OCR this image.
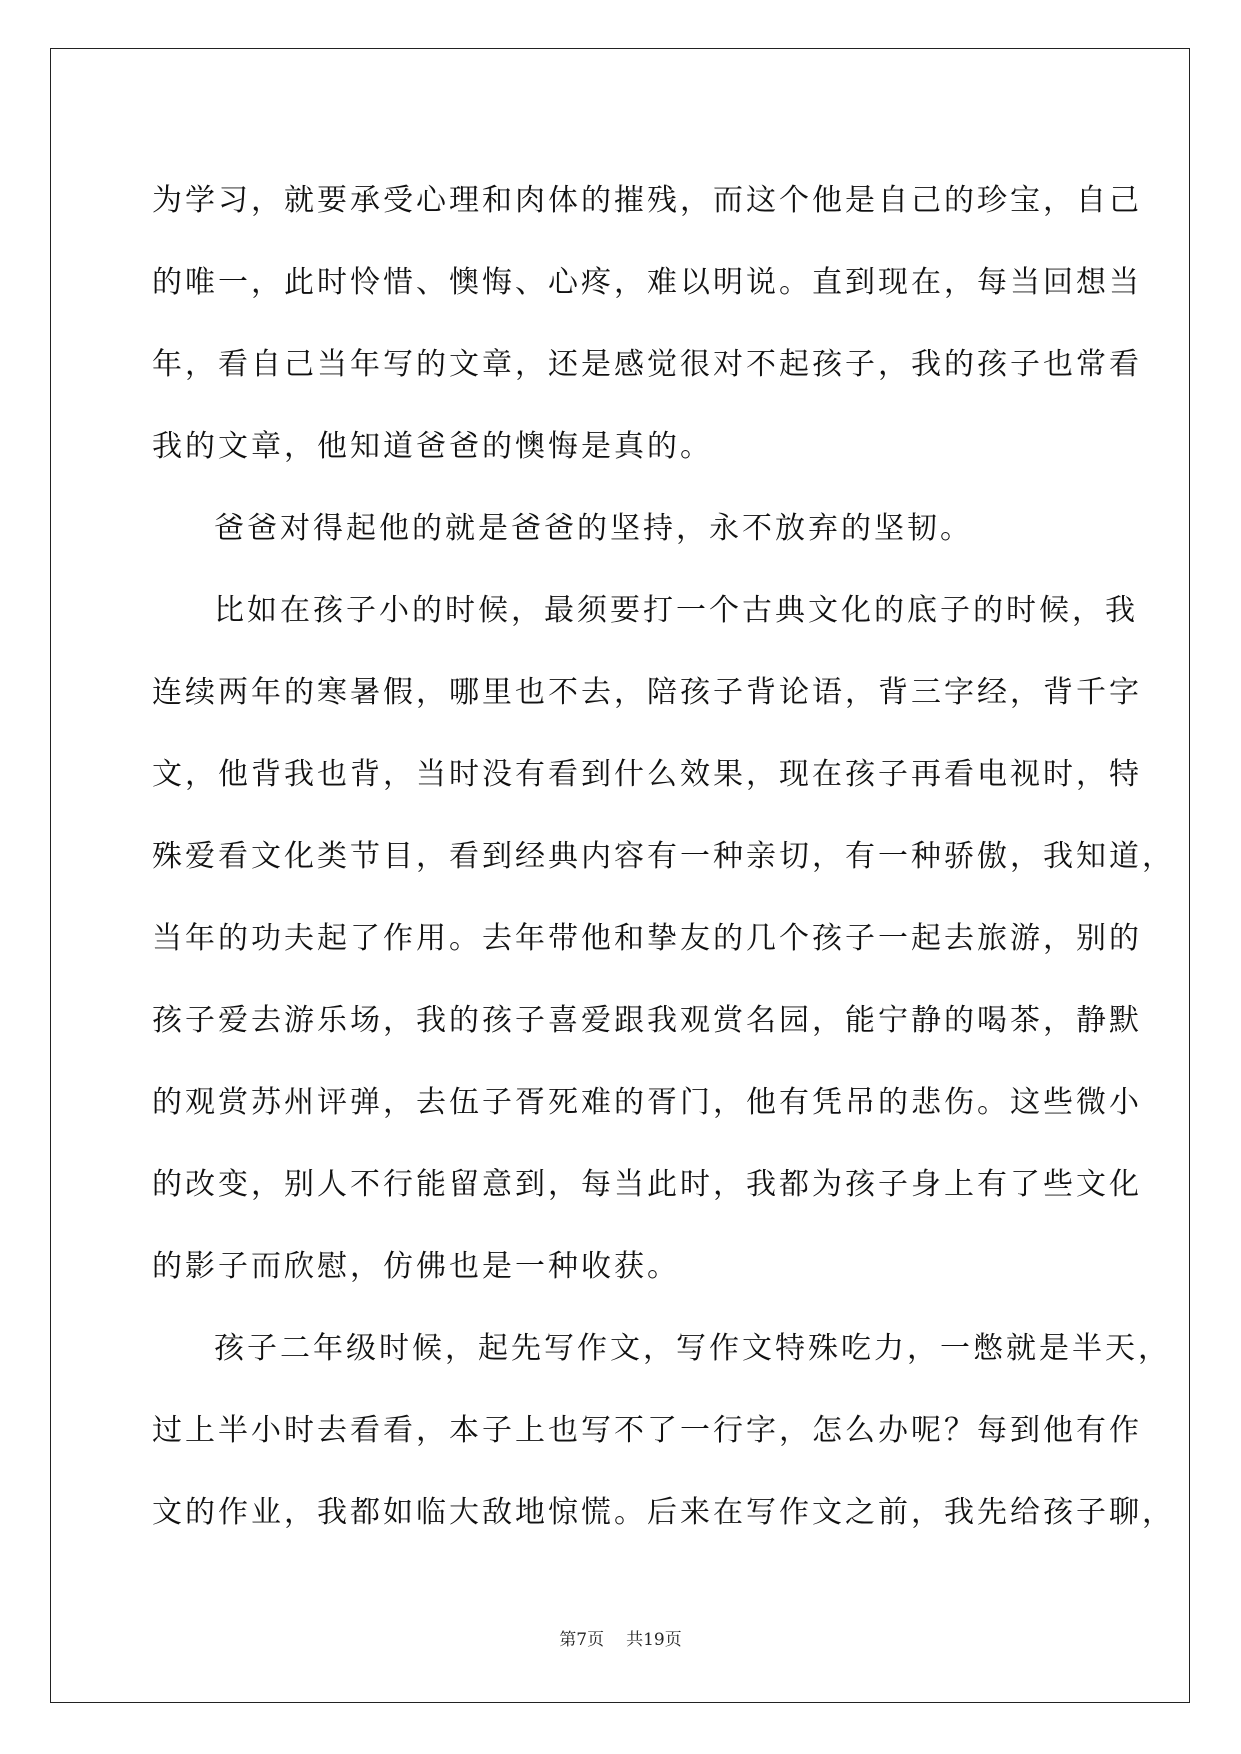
为学习，就要承受心理和肉体的摧残，而这个他是自己的珍宝，自己
的唯一，此时怜惜、懊悔、心疼，难以明说。直到现在，每当回想当
年，看自己当年写的文章，还是感觉很对不起孩子，我的孩子也常看
我的文章，他知道爸爸的懊悔是真的。
爸爸对得起他的就是爸爸的坚持，永不放弃的坚韧。
比如在孩子小的时候，最须要打一个古典文化的底子的时候，我
连续两年的寒暑假，哪里也不去，陪孩子背论语，背三字经，背千字
文，他背我也背，当时没有看到什么效果，现在孩子再看电视时，特
殊爱看文化类节目，看到经典内容有一种亲切，有一种骄傲，我知道，
当年的功夫起了作用。去年带他和挚友的几个孩子一起去旅游，别的
孩子爱去游乐场，我的孩子喜爱跟我观赏名园，能宁静的喝茶，静默
的观赏苏州评弹，去伍子胥死难的胥门，他有凭吊的悲伤。这些微小
的改变，别人不行能留意到，每当此时，我都为孩子身上有了些文化
的影子而欣慰，仿佛也是一种收获。
孩子二年级时候，起先写作文，写作文特殊吃力，一憋就是半天，
过上半小时去看看，本子上也写不了一行字，怎么办呢？每到他有作
文的作业，我都如临大敌地惊慌。后来在写作文之前，我先给孩子聊，
第7页 共19页
